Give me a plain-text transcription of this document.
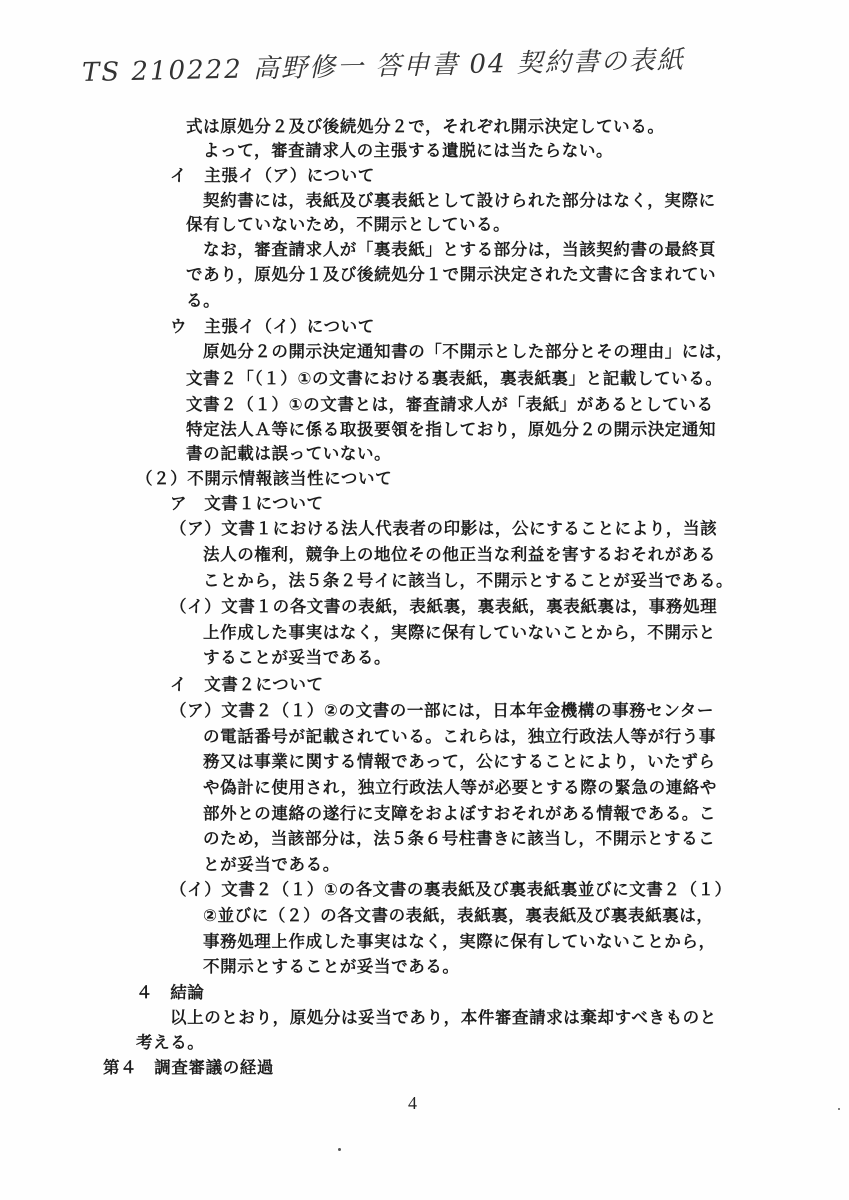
TS 210222 高野修一 答申書 04 契約書の表紙
式は原処分２及び後続処分２で，それぞれ開示決定している。
よって，審査請求人の主張する遺脱には当たらない。
イ　主張イ（ア）について
契約書には，表紙及び裏表紙として設けられた部分はなく，実際に
保有していないため，不開示としている。
なお，審査請求人が「裏表紙」とする部分は，当該契約書の最終頁
であり，原処分１及び後続処分１で開示決定された文書に含まれてい
る。
ウ　主張イ（イ）について
原処分２の開示決定通知書の「不開示とした部分とその理由」には，
文書２「（１）①の文書における裏表紙，裏表紙裏」と記載している。
文書２（１）①の文書とは，審査請求人が「表紙」があるとしている
特定法人Ａ等に係る取扱要領を指しており，原処分２の開示決定通知
書の記載は誤っていない。
（２）不開示情報該当性について
ア　文書１について
（ア）文書１における法人代表者の印影は，公にすることにより，当該
法人の権利，競争上の地位その他正当な利益を害するおそれがある
ことから，法５条２号イに該当し，不開示とすることが妥当である。
（イ）文書１の各文書の表紙，表紙裏，裏表紙，裏表紙裏は，事務処理
上作成した事実はなく，実際に保有していないことから，不開示と
することが妥当である。
イ　文書２について
（ア）文書２（１）②の文書の一部には，日本年金機構の事務センター
の電話番号が記載されている。これらは，独立行政法人等が行う事
務又は事業に関する情報であって，公にすることにより，いたずら
や偽計に使用され，独立行政法人等が必要とする際の緊急の連絡や
部外との連絡の遂行に支障をおよぼすおそれがある情報である。こ
のため，当該部分は，法５条６号柱書きに該当し，不開示とするこ
とが妥当である。
（イ）文書２（１）①の各文書の裏表紙及び裏表紙裏並びに文書２（１）
②並びに（２）の各文書の表紙，表紙裏，裏表紙及び裏表紙裏は，
事務処理上作成した事実はなく，実際に保有していないことから，
不開示とすることが妥当である。
４　結論
以上のとおり，原処分は妥当であり，本件審査請求は棄却すべきものと
考える。
第４　調査審議の経過
4
